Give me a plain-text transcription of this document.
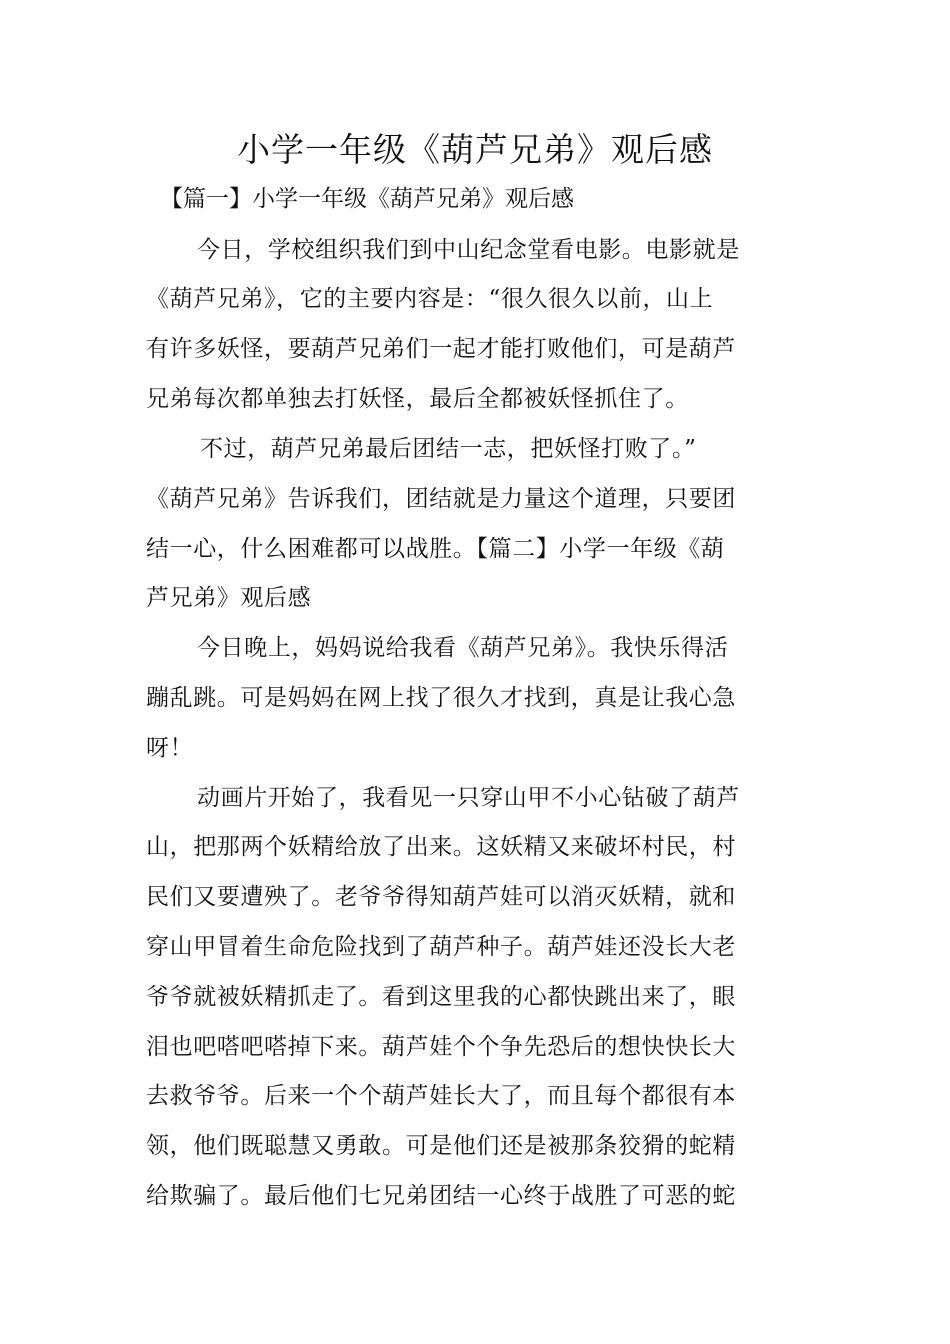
小学一年级《葫芦兄弟》观后感
【篇一】小学一年级《葫芦兄弟》观后感
今日，学校组织我们到中山纪念堂看电影。电影就是
《葫芦兄弟》，它的主要内容是：“很久很久以前，山上
有许多妖怪，要葫芦兄弟们一起才能打败他们，可是葫芦
兄弟每次都单独去打妖怪，最后全都被妖怪抓住了。
不过，葫芦兄弟最后团结一志，把妖怪打败了。”
《葫芦兄弟》告诉我们，团结就是力量这个道理，只要团
结一心，什么困难都可以战胜。【篇二】小学一年级《葫
芦兄弟》观后感
今日晚上，妈妈说给我看《葫芦兄弟》。我快乐得活
蹦乱跳。可是妈妈在网上找了很久才找到，真是让我心急
呀！
动画片开始了，我看见一只穿山甲不小心钻破了葫芦
山，把那两个妖精给放了出来。这妖精又来破坏村民，村
民们又要遭殃了。老爷爷得知葫芦娃可以消灭妖精，就和
穿山甲冒着生命危险找到了葫芦种子。葫芦娃还没长大老
爷爷就被妖精抓走了。看到这里我的心都快跳出来了，眼
泪也吧嗒吧嗒掉下来。葫芦娃个个争先恐后的想快快长大
去救爷爷。后来一个个葫芦娃长大了，而且每个都很有本
领，他们既聪慧又勇敢。可是他们还是被那条狡猾的蛇精
给欺骗了。最后他们七兄弟团结一心终于战胜了可恶的蛇
